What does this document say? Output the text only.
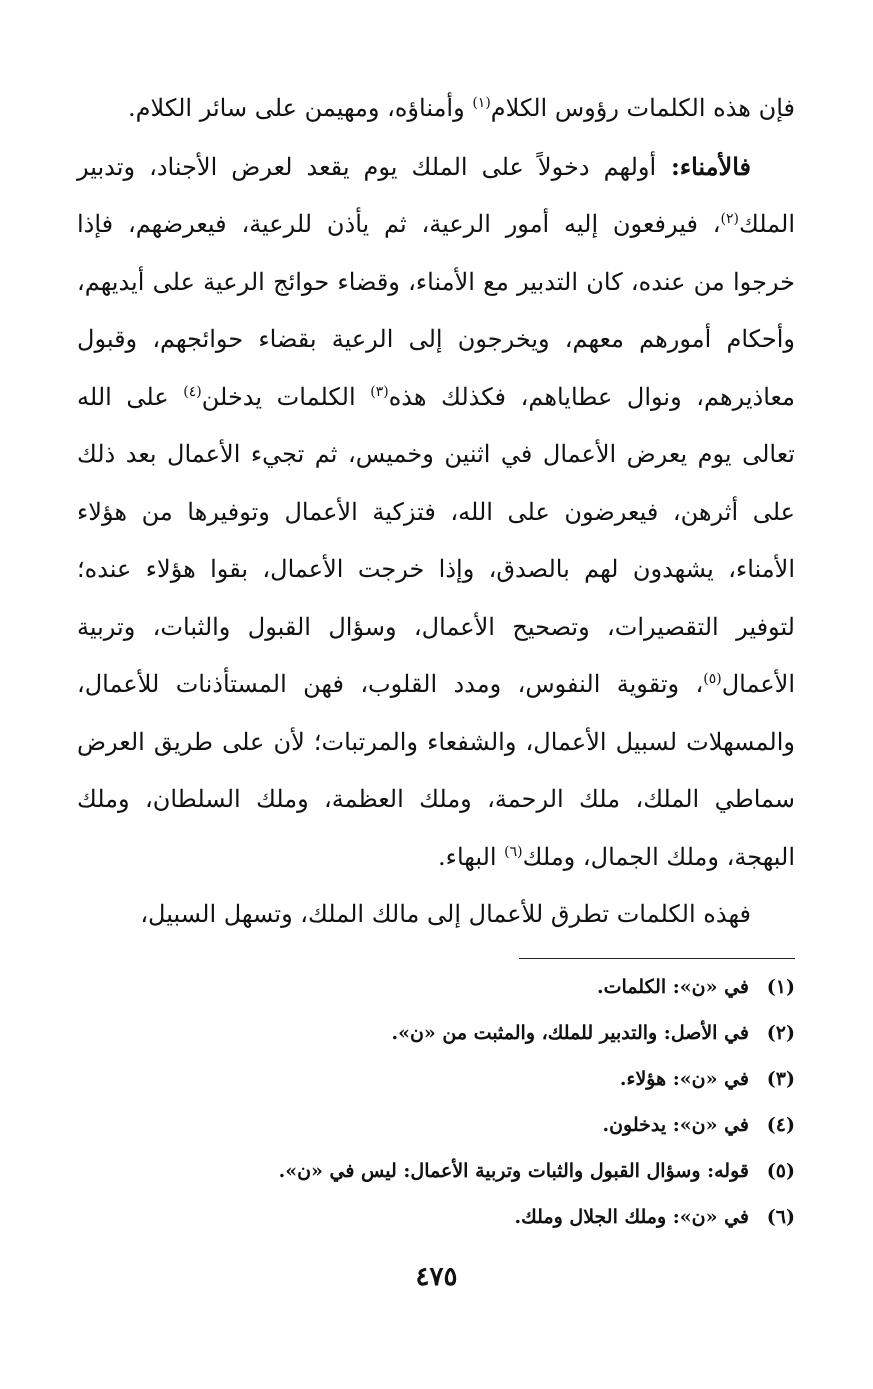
فإن هذه الكلمات رؤوس الكلام$^{(١)}$ وأمناؤه، ومهيمن على سائر الكلام.

فالأمناء: أولهم دخولاً على الملك يوم يقعد لعرض الأجناد، وتدبير الملك$^{(٢)}$، فيرفعون إليه أمور الرعية، ثم يأذن للرعية، فيعرضهم، فإذا خرجوا من عنده، كان التدبير مع الأمناء، وقضاء حوائج الرعية على أيديهم، وأحكام أمورهم معهم، ويخرجون إلى الرعية بقضاء حوائجهم، وقبول معاذيرهم، ونوال عطاياهم، فكذلك هذه$^{(٣)}$ الكلمات يدخلن$^{(٤)}$ على الله تعالى يوم يعرض الأعمال في اثنين وخميس، ثم تجيء الأعمال بعد ذلك على أثرهن، فيعرضون على الله، فتزكية الأعمال وتوفيرها من هؤلاء الأمناء، يشهدون لهم بالصدق، وإذا خرجت الأعمال، بقوا هؤلاء عنده؛ لتوفير التقصيرات، وتصحيح الأعمال، وسؤال القبول والثبات، وتربية الأعمال$^{(٥)}$، وتقوية النفوس، ومدد القلوب، فهن المستأذنات للأعمال، والمسهلات لسبيل الأعمال، والشفعاء والمرتبات؛ لأن على طريق العرض سماطي الملك، ملك الرحمة، وملك العظمة، وملك السلطان، وملك البهجة، وملك الجمال، وملك$^{(٦)}$ البهاء.

فهذه الكلمات تطرق للأعمال إلى مالك الملك، وتسهل السبيل،

(١)
في «ن»: الكلمات.
(٢)
في الأصل: والتدبير للملك، والمثبت من «ن».
(٣)
في «ن»: هؤلاء.
(٤)
في «ن»: يدخلون.
(٥)
قوله: وسؤال القبول والثبات وتربية الأعمال: ليس في «ن».
(٦)
في «ن»: وملك الجلال وملك.
٤٧٥
